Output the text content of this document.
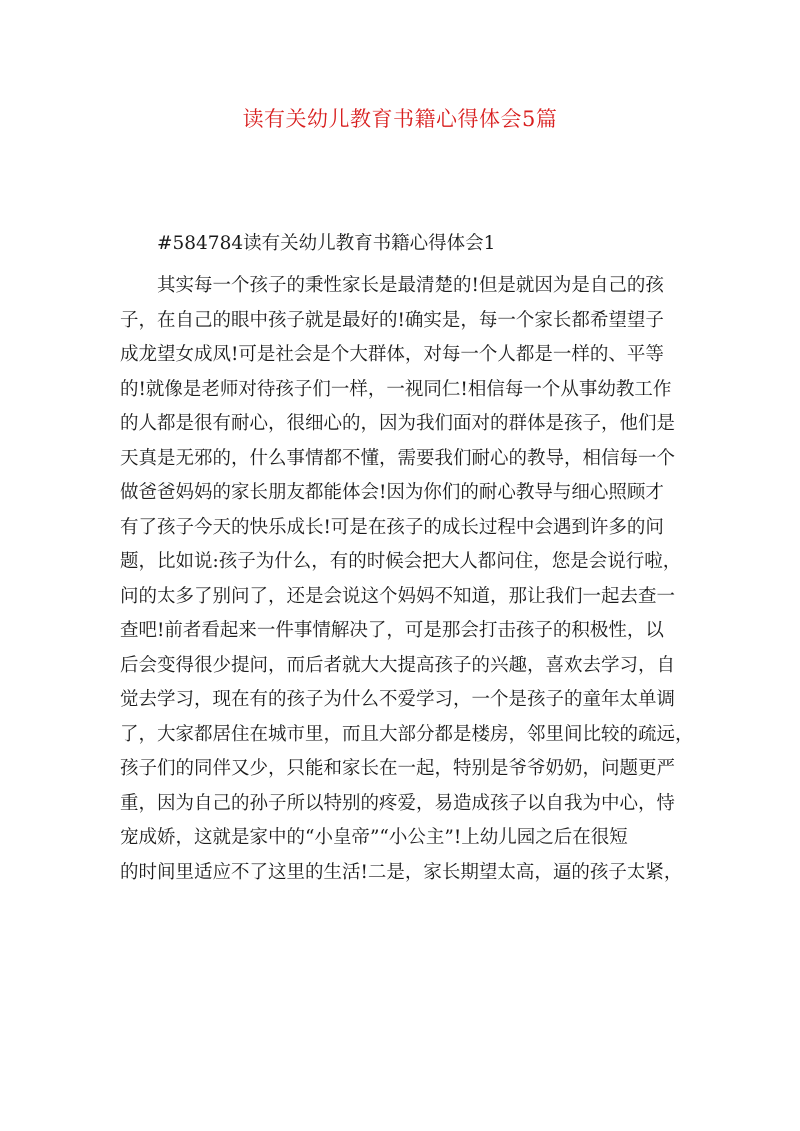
读有关幼儿教育书籍心得体会5篇
#584784读有关幼儿教育书籍心得体会1
其实每一个孩子的秉性家长是最清楚的!但是就因为是自己的孩
子，在自己的眼中孩子就是最好的!确实是，每一个家长都希望望子
成龙望女成凤!可是社会是个大群体，对每一个人都是一样的、平等
的!就像是老师对待孩子们一样，一视同仁!相信每一个从事幼教工作
的人都是很有耐心，很细心的，因为我们面对的群体是孩子，他们是
天真是无邪的，什么事情都不懂，需要我们耐心的教导，相信每一个
做爸爸妈妈的家长朋友都能体会!因为你们的耐心教导与细心照顾才
有了孩子今天的快乐成长!可是在孩子的成长过程中会遇到许多的问
题，比如说:孩子为什么，有的时候会把大人都问住，您是会说行啦，
问的太多了别问了，还是会说这个妈妈不知道，那让我们一起去查一
查吧!前者看起来一件事情解决了，可是那会打击孩子的积极性，以
后会变得很少提问，而后者就大大提高孩子的兴趣，喜欢去学习，自
觉去学习，现在有的孩子为什么不爱学习，一个是孩子的童年太单调
了，大家都居住在城市里，而且大部分都是楼房，邻里间比较的疏远，
孩子们的同伴又少，只能和家长在一起，特别是爷爷奶奶，问题更严
重，因为自己的孙子所以特别的疼爱，易造成孩子以自我为中心，恃
宠成娇，这就是家中的“小皇帝”“小公主”!上幼儿园之后在很短
的时间里适应不了这里的生活!二是，家长期望太高，逼的孩子太紧，
